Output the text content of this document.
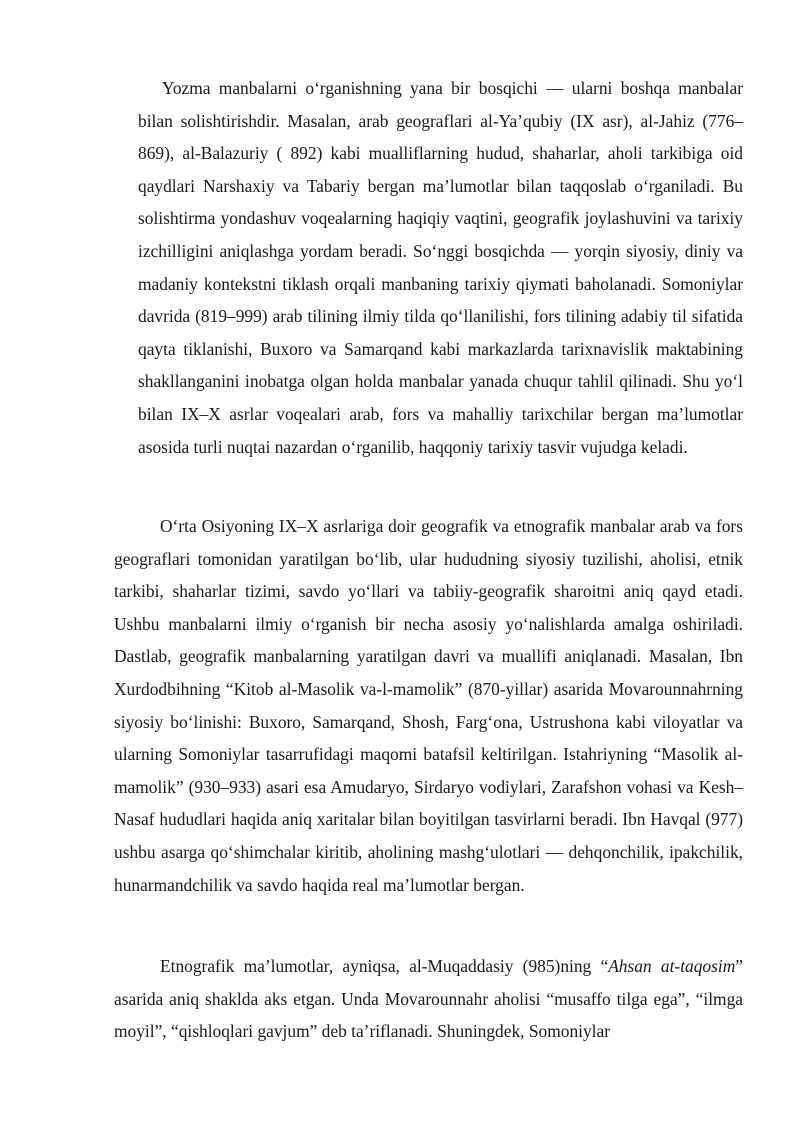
Yozma manbalarni o‘rganishning yana bir bosqichi — ularni boshqa manbalar bilan solishtirishdir. Masalan, arab geograflari al-Ya’qubiy (IX asr), al-Jahiz (776–869), al-Balazuriy ( 892) kabi mualliflarning hudud, shaharlar, aholi tarkibiga oid qaydlari Narshaxiy va Tabariy bergan ma’lumotlar bilan taqqoslab o‘rganiladi. Bu solishtirma yondashuv voqealarning haqiqiy vaqtini, geografik joylashuvini va tarixiy izchilligini aniqlashga yordam beradi. So‘nggi bosqichda — yorqin siyosiy, diniy va madaniy kontekstni tiklash orqali manbaning tarixiy qiymati baholanadi. Somoniylar davrida (819–999) arab tilining ilmiy tilda qo‘llanilishi, fors tilining adabiy til sifatida qayta tiklanishi, Buxoro va Samarqand kabi markazlarda tarixnavislik maktabining shakllanganini inobatga olgan holda manbalar yanada chuqur tahlil qilinadi. Shu yo‘l bilan IX–X asrlar voqealari arab, fors va mahalliy tarixchilar bergan ma’lumotlar asosida turli nuqtai nazardan o‘rganilib, haqqoniy tarixiy tasvir vujudga keladi.

O‘rta Osiyoning IX–X asrlariga doir geografik va etnografik manbalar arab va fors geograflari tomonidan yaratilgan bo‘lib, ular hududning siyosiy tuzilishi, aholisi, etnik tarkibi, shaharlar tizimi, savdo yo‘llari va tabiiy-geografik sharoitni aniq qayd etadi. Ushbu manbalarni ilmiy o‘rganish bir necha asosiy yo‘nalishlarda amalga oshiriladi. Dastlab, geografik manbalarning yaratilgan davri va muallifi aniqlanadi. Masalan, Ibn Xurdodbihning “Kitob al-Masolik va-l-mamolik” (870-yillar) asarida Movarounnahrning siyosiy bo‘linishi: Buxoro, Samarqand, Shosh, Farg‘ona, Ustrushona kabi viloyatlar va ularning Somoniylar tasarrufidagi maqomi batafsil keltirilgan. Istahriyning “Masolik al-mamolik” (930–933) asari esa Amudaryo, Sirdaryo vodiylari, Zarafshon vohasi va Kesh–Nasaf hududlari haqida aniq xaritalar bilan boyitilgan tasvirlarni beradi. Ibn Havqal (977) ushbu asarga qo‘shimchalar kiritib, aholining mashg‘ulotlari — dehqonchilik, ipakchilik, hunarmandchilik va savdo haqida real ma’lumotlar bergan.

Etnografik ma’lumotlar, ayniqsa, al-Muqaddasiy (985)ning “Ahsan at-taqosim” asarida aniq shaklda aks etgan. Unda Movarounnahr aholisi “musaffo tilga ega”, “ilmga moyil”, “qishloqlari gavjum” deb ta’riflanadi. Shuningdek, Somoniylar
